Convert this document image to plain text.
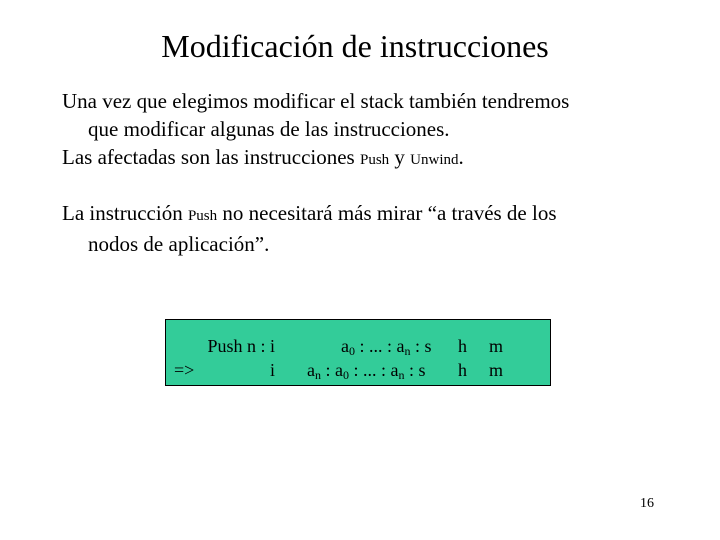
Modificación de instrucciones
Una vez que elegimos modificar el stack también tendremos
que modificar algunas de las instrucciones.
Las afectadas son las instrucciones Push y Unwind.
La instrucción Push no necesitará más mirar “a través de los
nodos de aplicación”.
Push n : i	$a_0$ : ... : $a_n$ : s h m
=>	i $a_n$ : $a_0$ : ... : $a_n$ : s h m
16
